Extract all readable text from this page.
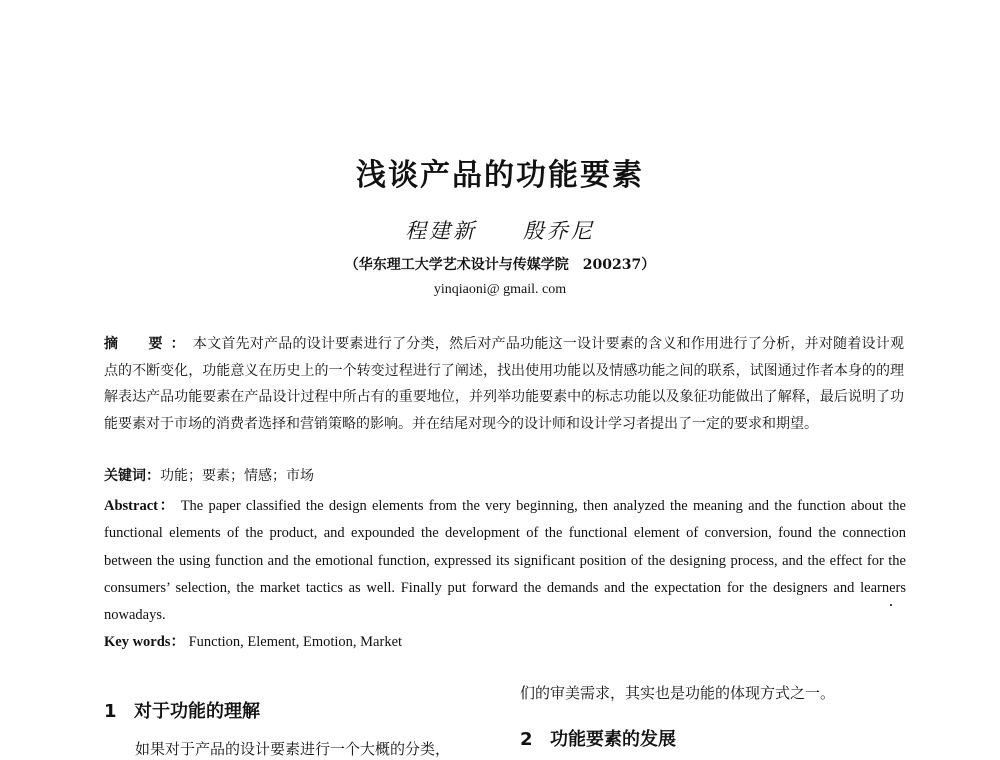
浅谈产品的功能要素
程建新 殷乔尼
（华东理工大学艺术设计与传媒学院　200237）
yinqiaoni@ gmail. com
摘　要：本文首先对产品的设计要素进行了分类，然后对产品功能这一设计要素的含义和作用进行了分析，并对随着设计观点的不断变化，功能意义在历史上的一个转变过程进行了阐述，找出使用功能以及情感功能之间的联系，试图通过作者本身的的理解表达产品功能要素在产品设计过程中所占有的重要地位，并列举功能要素中的标志功能以及象征功能做出了解释，最后说明了功能要素对于市场的消费者选择和营销策略的影响。并在结尾对现今的设计师和设计学习者提出了一定的要求和期望。
关键词：功能；要素；情感；市场
Abstract： The paper classified the design elements from the very beginning, then analyzed the meaning and the function about the functional elements of the product, and expounded the development of the functional element of conversion, found the connection between the using function and the emotional function, expressed its significant position of the designing process, and the effect for the consumers’ selection, the market tactics as well. Finally put forward the demands and the expectation for the designers and learners nowadays.
Key words： Function, Element, Emotion, Market
1 对于功能的理解
如果对于产品的设计要素进行一个大概的分类，
们的审美需求，其实也是功能的体现方式之一。
2 功能要素的发展
